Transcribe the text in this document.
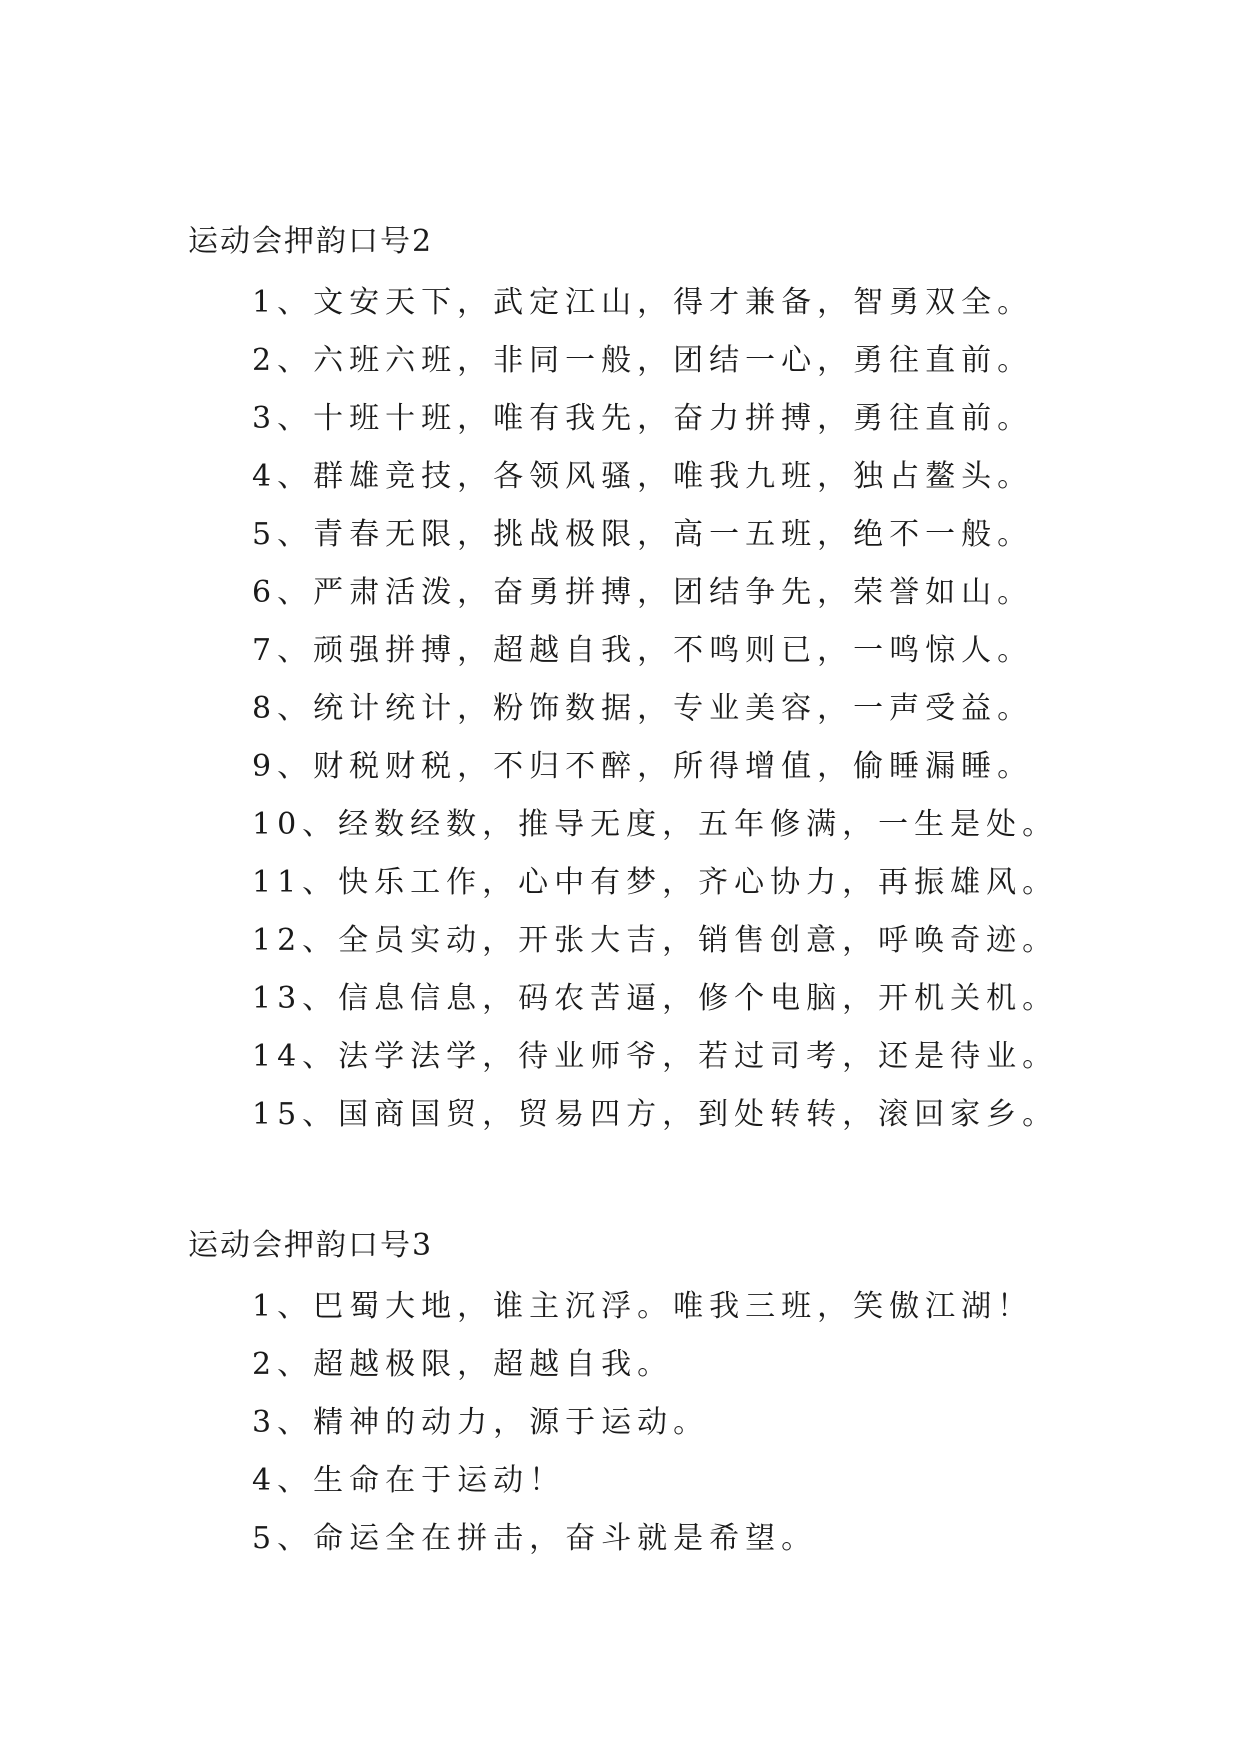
运动会押韵口号2
1、文安天下，武定江山，得才兼备，智勇双全。
2、六班六班，非同一般，团结一心，勇往直前。
3、十班十班，唯有我先，奋力拼搏，勇往直前。
4、群雄竞技，各领风骚，唯我九班，独占鳌头。
5、青春无限，挑战极限，高一五班，绝不一般。
6、严肃活泼，奋勇拼搏，团结争先，荣誉如山。
7、顽强拼搏，超越自我，不鸣则已，一鸣惊人。
8、统计统计，粉饰数据，专业美容，一声受益。
9、财税财税，不归不醉，所得增值，偷睡漏睡。
10、经数经数，推导无度，五年修满，一生是处。
11、快乐工作，心中有梦，齐心协力，再振雄风。
12、全员实动，开张大吉，销售创意，呼唤奇迹。
13、信息信息，码农苦逼，修个电脑，开机关机。
14、法学法学，待业师爷，若过司考，还是待业。
15、国商国贸，贸易四方，到处转转，滚回家乡。
运动会押韵口号3
1、巴蜀大地，谁主沉浮。唯我三班，笑傲江湖！
2、超越极限，超越自我。
3、精神的动力，源于运动。
4、生命在于运动！
5、命运全在拼击，奋斗就是希望。
